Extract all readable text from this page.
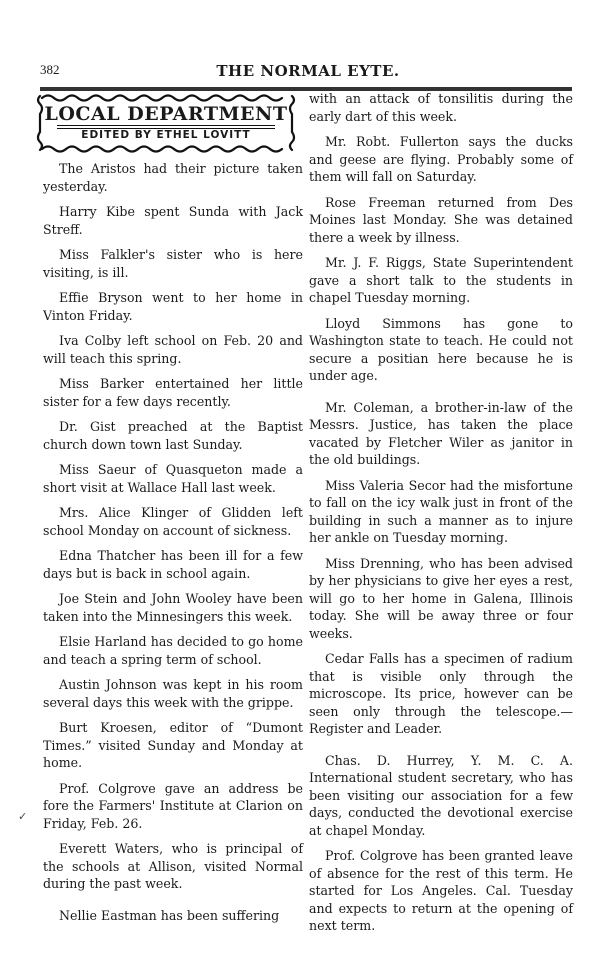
382	THE NORMAL EYTE.
LOCAL DEPARTMENT
EDITED BY ETHEL LOVITT

The Aristos had their picture taken yesterday.

Harry Kibe spent Sunda with Jack Streff.

Miss Falkler's sister who is here visiting, is ill.

Effie Bryson went to her home in Vinton Friday.

Iva Colby left school on Feb. 20 and will teach this spring.

Miss Barker entertained her little sister for a few days recently.

Dr. Gist preached at the Baptist church down town last Sunday.

Miss Saeur of Quasqueton made a short visit at Wallace Hall last week.

Mrs. Alice Klinger of Glidden left school Monday on account of sickness.

Edna Thatcher has been ill for a few days but is back in school again.

Joe Stein and John Wooley have been taken into the Minnesingers this week.

Elsie Harland has decided to go home and teach a spring term of school.

Austin Johnson was kept in his room several days this week with the grippe.

Burt Kroesen, editor of “Dumont Times.” visited Sunday and Monday at home.

Prof. Colgrove gave an address be fore the Farmers' Institute at Clarion on Friday, Feb. 26.

Everett Waters, who is principal of the schools at Allison, visited Normal during the past week.

Nellie Eastman has been suffering

✓

with an attack of tonsilitis during the early dart of this week.

Mr. Robt. Fullerton says the ducks and geese are flying. Probably some of them will fall on Saturday.

Rose Freeman returned from Des Moines last Monday. She was detained there a week by illness.

Mr. J. F. Riggs, State Superintendent gave a short talk to the students in chapel Tuesday morning.

Lloyd Simmons has gone to Washington state to teach. He could not secure a positian here because he is under age.

Mr. Coleman, a brother-in-law of the Messrs. Justice, has taken the place vacated by Fletcher Wiler as janitor in the old buildings.

Miss Valeria Secor had the misfortune to fall on the icy walk just in front of the building in such a manner as to injure her ankle on Tuesday morning.

Miss Drenning, who has been advised by her physicians to give her eyes a rest, will go to her home in Galena, Illinois today. She will be away three or four weeks.

Cedar Falls has a specimen of radium that is visible only through the microscope. Its price, however can be seen only through the telescope.—Register and Leader.

Chas. D. Hurrey, Y. M. C. A. International student secretary, who has been visiting our association for a few days, conducted the devotional exercise at chapel Monday.

Prof. Colgrove has been granted leave of absence for the rest of this term. He started for Los Angeles. Cal. Tuesday and expects to return at the opening of next term.
